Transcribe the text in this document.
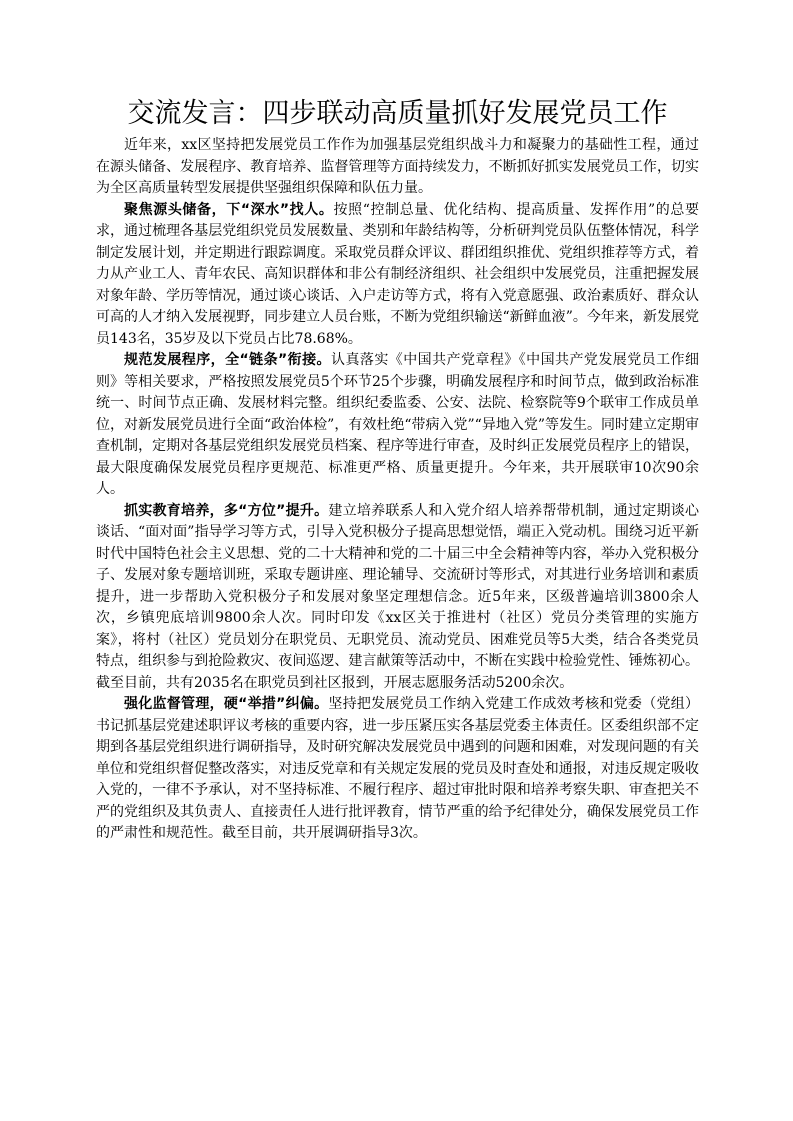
交流发言：四步联动高质量抓好发展党员工作

近年来，xx区坚持把发展党员工作作为加强基层党组织战斗力和凝聚力的基础性工程，通过在源头储备、发展程序、教育培养、监督管理等方面持续发力，不断抓好抓实发展党员工作，切实为全区高质量转型发展提供坚强组织保障和队伍力量。

聚焦源头储备，下“深水”找人。按照“控制总量、优化结构、提高质量、发挥作用”的总要求，通过梳理各基层党组织党员发展数量、类别和年龄结构等，分析研判党员队伍整体情况，科学制定发展计划，并定期进行跟踪调度。采取党员群众评议、群团组织推优、党组织推荐等方式，着力从产业工人、青年农民、高知识群体和非公有制经济组织、社会组织中发展党员，注重把握发展对象年龄、学历等情况，通过谈心谈话、入户走访等方式，将有入党意愿强、政治素质好、群众认可高的人才纳入发展视野，同步建立人员台账，不断为党组织输送“新鲜血液”。今年来，新发展党员143名，35岁及以下党员占比78.68%。

规范发展程序，全“链条”衔接。认真落实《中国共产党章程》《中国共产党发展党员工作细则》等相关要求，严格按照发展党员5个环节25个步骤，明确发展程序和时间节点，做到政治标准统一、时间节点正确、发展材料完整。组织纪委监委、公安、法院、检察院等9个联审工作成员单位，对新发展党员进行全面“政治体检”，有效杜绝“带病入党”“异地入党”等发生。同时建立定期审查机制，定期对各基层党组织发展党员档案、程序等进行审查，及时纠正发展党员程序上的错误，最大限度确保发展党员程序更规范、标准更严格、质量更提升。今年来，共开展联审10次90余人。

抓实教育培养，多“方位”提升。建立培养联系人和入党介绍人培养帮带机制，通过定期谈心谈话、“面对面”指导学习等方式，引导入党积极分子提高思想觉悟，端正入党动机。围绕习近平新时代中国特色社会主义思想、党的二十大精神和党的二十届三中全会精神等内容，举办入党积极分子、发展对象专题培训班，采取专题讲座、理论辅导、交流研讨等形式，对其进行业务培训和素质提升，进一步帮助入党积极分子和发展对象坚定理想信念。近5年来，区级普遍培训3800余人次，乡镇兜底培训9800余人次。同时印发《xx区关于推进村（社区）党员分类管理的实施方案》，将村（社区）党员划分在职党员、无职党员、流动党员、困难党员等5大类，结合各类党员特点，组织参与到抢险救灾、夜间巡逻、建言献策等活动中，不断在实践中检验党性、锤炼初心。截至目前，共有2035名在职党员到社区报到，开展志愿服务活动5200余次。

强化监督管理，硬“举措”纠偏。坚持把发展党员工作纳入党建工作成效考核和党委（党组）书记抓基层党建述职评议考核的重要内容，进一步压紧压实各基层党委主体责任。区委组织部不定期到各基层党组织进行调研指导，及时研究解决发展党员中遇到的问题和困难，对发现问题的有关单位和党组织督促整改落实，对违反党章和有关规定发展的党员及时查处和通报，对违反规定吸收入党的，一律不予承认，对不坚持标准、不履行程序、超过审批时限和培养考察失职、审查把关不严的党组织及其负责人、直接责任人进行批评教育，情节严重的给予纪律处分，确保发展党员工作的严肃性和规范性。截至目前，共开展调研指导3次。
